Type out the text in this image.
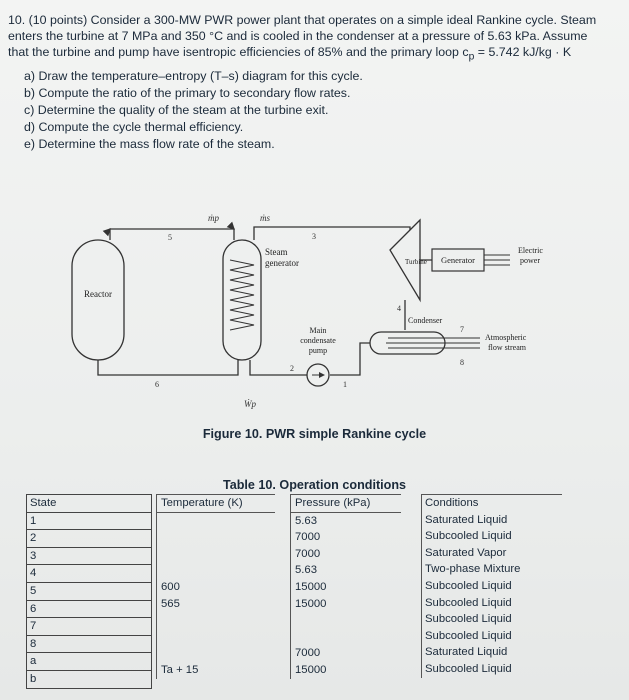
10. (10 points) Consider a 300-MW PWR power plant that operates on a simple ideal Rankine cycle. Steam enters the turbine at 7 MPa and 350 °C and is cooled in the condenser at a pressure of 5.63 kPa. Assume that the turbine and pump have isentropic efficiencies of 85% and the primary loop $c_p = 5.742$ kJ/kg · K

a) Draw the temperature–entropy (T–s) diagram for this cycle.
b) Compute the ratio of the primary to secondary flow rates.
c) Determine the quality of the steam at the turbine exit.
d) Compute the cycle thermal efficiency.
e) Determine the mass flow rate of the steam.
Reactor
Steam
generator
5
6
ṁp	ṁs
3
Turbine Generator
Electric
power
4
Condenser
7
8
Atmospheric
flow stream
1
Main
condensate
pump
2
Ẇp
Figure 10. PWR simple Rankine cycle
Table 10. Operation conditions
State
1
2
3
4
5
6
7
8
a
b
Temperature (K)
600
565
Ta + 15
Pressure (kPa)
5.63
7000
7000
5.63
15000
15000
7000
15000
Conditions
Saturated Liquid
Subcooled Liquid
Saturated Vapor
Two-phase Mixture
Subcooled Liquid
Subcooled Liquid
Subcooled Liquid
Subcooled Liquid
Saturated Liquid
Subcooled Liquid
